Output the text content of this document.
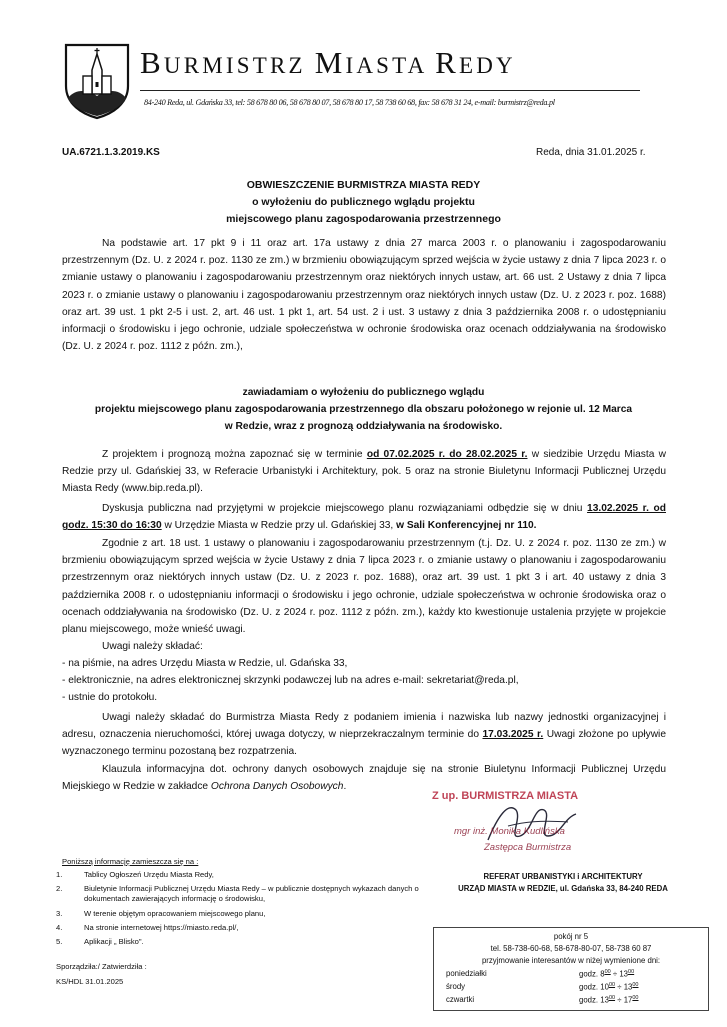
BURMISTRZ MIASTA REDY
84-240 Reda, ul. Gdańska 33, tel: 58 678 80 06, 58 678 80 07, 58 678 80 17, 58 738 60 68, fax: 58 678 31 24, e-mail: burmistrz@reda.pl
UA.6721.1.3.2019.KS	Reda, dnia 31.01.2025 r.
OBWIESZCZENIE BURMISTRZA MIASTA REDY
o wyłożeniu do publicznego wglądu projektu
miejscowego planu zagospodarowania przestrzennego

Na podstawie art. 17 pkt 9 i 11 oraz art. 17a ustawy z dnia 27 marca 2003 r. o planowaniu i zagospodarowaniu przestrzennym (Dz. U. z 2024 r. poz. 1130 ze zm.) w brzmieniu obowiązującym sprzed wejścia w życie ustawy z dnia 7 lipca 2023 r. o zmianie ustawy o planowaniu i zagospodarowaniu przestrzennym oraz niektórych innych ustaw, art. 66 ust. 2 Ustawy z dnia 7 lipca 2023 r. o zmianie ustawy o planowaniu i zagospodarowaniu przestrzennym oraz niektórych innych ustaw (Dz. U. z 2023 r. poz. 1688) oraz art. 39 ust. 1 pkt 2-5 i ust. 2, art. 46 ust. 1 pkt 1, art. 54 ust. 2 i ust. 3 ustawy z dnia 3 października 2008 r. o udostępnianiu informacji o środowisku i jego ochronie, udziale społeczeństwa w ochronie środowiska oraz ocenach oddziaływania na środowisko (Dz. U. z 2024 r. poz. 1112 z późn. zm.),

zawiadamiam o wyłożeniu do publicznego wglądu
projektu miejscowego planu zagospodarowania przestrzennego dla obszaru położonego w rejonie ul. 12 Marca
w Redzie, wraz z prognozą oddziaływania na środowisko.

Z projektem i prognozą można zapoznać się w terminie od 07.02.2025 r. do 28.02.2025 r. w siedzibie Urzędu Miasta w Redzie przy ul. Gdańskiej 33, w Referacie Urbanistyki i Architektury, pok. 5 oraz na stronie Biuletynu Informacji Publicznej Urzędu Miasta Redy (www.bip.reda.pl).

Dyskusja publiczna nad przyjętymi w projekcie miejscowego planu rozwiązaniami odbędzie się w dniu 13.02.2025 r. od godz. 15:30 do 16:30 w Urzędzie Miasta w Redzie przy ul. Gdańskiej 33, w Sali Konferencyjnej nr 110.

Zgodnie z art. 18 ust. 1 ustawy o planowaniu i zagospodarowaniu przestrzennym (t.j. Dz. U. z 2024 r. poz. 1130 ze zm.) w brzmieniu obowiązującym sprzed wejścia w życie Ustawy z dnia 7 lipca 2023 r. o zmianie ustawy o planowaniu i zagospodarowaniu przestrzennym oraz niektórych innych ustaw (Dz. U. z 2023 r. poz. 1688), oraz art. 39 ust. 1 pkt 3 i art. 40 ustawy z dnia 3 października 2008 r. o udostępnianiu informacji o środowisku i jego ochronie, udziale społeczeństwa w ochronie środowiska oraz o ocenach oddziaływania na środowisko (Dz. U. z 2024 r. poz. 1112 z późn. zm.), każdy kto kwestionuje ustalenia przyjęte w projekcie planu miejscowego, może wnieść uwagi.

Uwagi należy składać:
- na piśmie, na adres Urzędu Miasta w Redzie, ul. Gdańska 33,
- elektronicznie, na adres elektronicznej skrzynki podawczej lub na adres e-mail: sekretariat@reda.pl,
- ustnie do protokołu.

Uwagi należy składać do Burmistrza Miasta Redy z podaniem imienia i nazwiska lub nazwy jednostki organizacyjnej i adresu, oznaczenia nieruchomości, której uwaga dotyczy, w nieprzekraczalnym terminie do 17.03.2025 r. Uwagi złożone po upływie wyznaczonego terminu pozostaną bez rozpatrzenia.

Klauzula informacyjna dot. ochrony danych osobowych znajduje się na stronie Biuletynu Informacji Publicznej Urzędu Miejskiego w Redzie w zakładce Ochrona Danych Osobowych.

Z up. BURMISTRZA MIASTA
mgr inż. Monika Kudlińska
Zastępca Burmistrza
Poniższą informację zamieszcza się na :
1.	Tablicy Ogłoszeń Urzędu Miasta Redy,
2.	Biuletynie Informacji Publicznej Urzędu Miasta Redy – w publicznie dostępnych wykazach danych o dokumentach zawierających informację o środowisku,
3.	W terenie objętym opracowaniem miejscowego planu,
4.	Na stronie internetowej https://miasto.reda.pl/,
5.	Aplikacji „ Blisko".
Sporządziła:/ Zatwierdziła :
KS/HDL 31.01.2025
REFERAT URBANISTYKI i ARCHITEKTURY
URZĄD MIASTA w REDZIE, ul. Gdańska 33, 84-240 REDA
pokój nr 5
tel. 58-738-60-68, 58-678-80-07, 58-738 60 87
przyjmowanie interesantów w niżej wymienione dni:
poniedziałki	godz. $8^{00} \div 13^{00}$
środy	godz. $10^{00} \div 13^{00}$
czwartki	godz. $13^{00} \div 17^{00}$
